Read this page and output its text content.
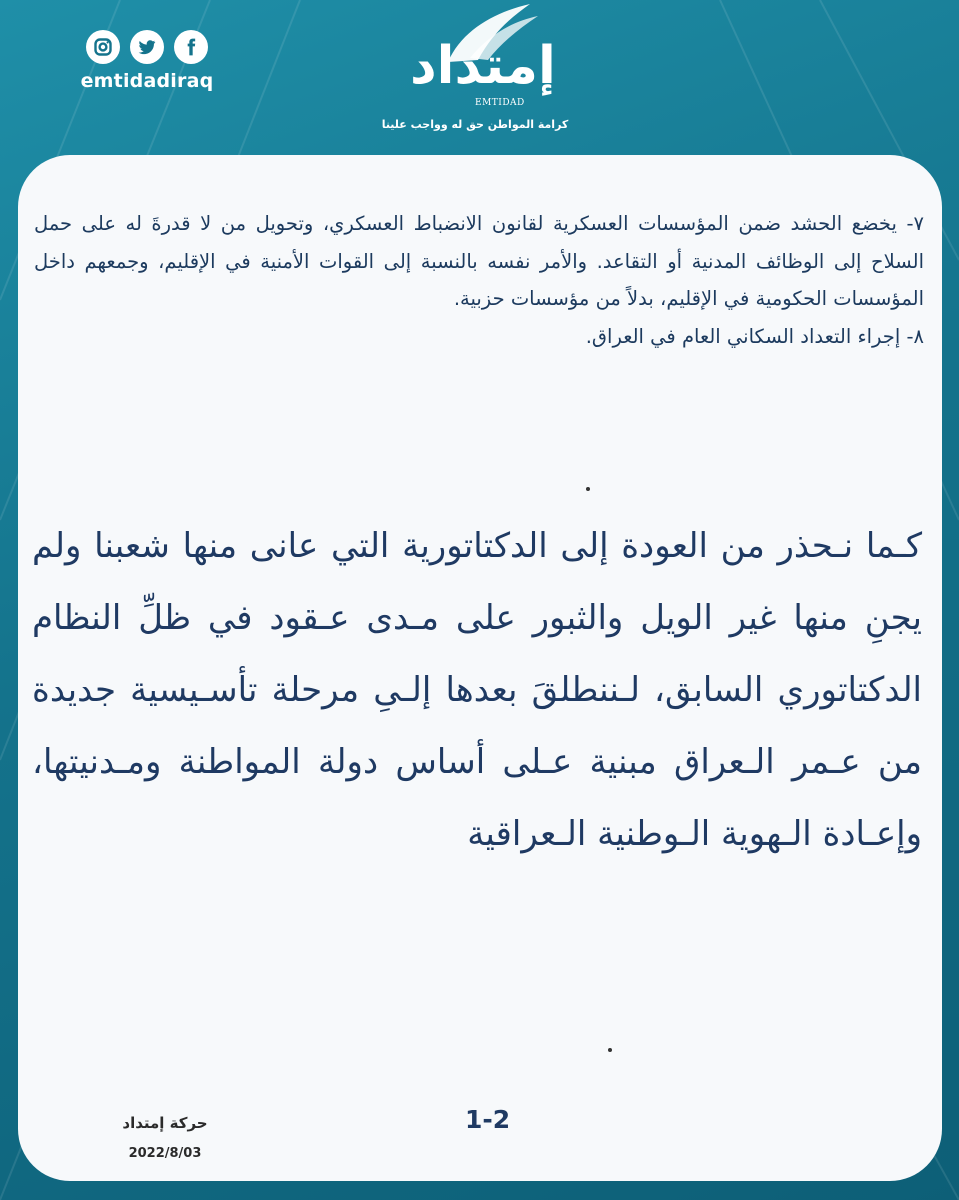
emtidadiraq	إمتداد
EMTIDAD
كرامة المواطن حق له وواجب علينا

٧- يخضع الحشد ضمن المؤسسات العسكرية لقانون الانضباط العسكري، وتحويل من لا قدرةَ له على حمل السلاح إلى الوظائف المدنية أو التقاعد. والأمر نفسه بالنسبة إلى القوات الأمنية في الإقليم، وجمعهم داخل المؤسسات الحكومية في الإقليم، بدلاً من مؤسسات حزبية.

٨- إجراء التعداد السكاني العام في العراق.

كـما نـحذر من العودة إلى الدكتاتورية التي عانى منها شعبنا ولم يجنِ منها غير الويل والثبور على مـدى عـقود في ظلِّ النظام الدكتاتوري السابق، لـننطلقَ بعدها إلـىِ مرحلة تأسـيسية جديدة من عـمر الـعراق مبنية عـلى أساس دولة المواطنة ومـدنيتها، وإعـادة الـهوية الـوطنية الـعراقية
حركة إمتداد
2022/8/03
1-2
